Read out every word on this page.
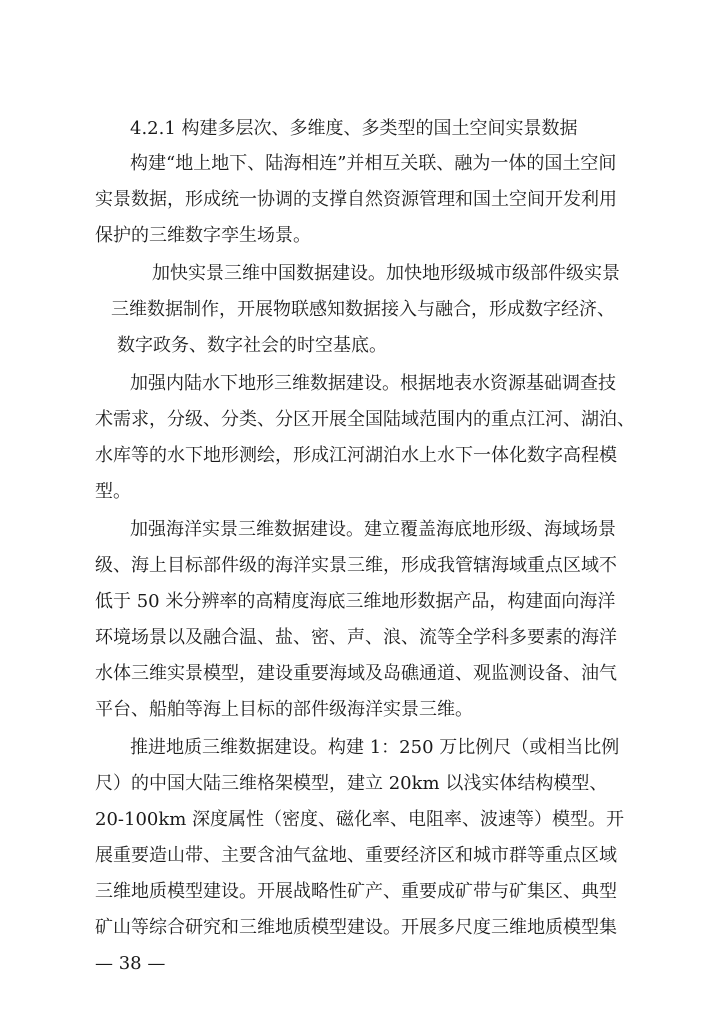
4.2.1 构建多层次、多维度、多类型的国土空间实景数据
构建“地上地下、陆海相连”并相互关联、融为一体的国土空间
实景数据，形成统一协调的支撑自然资源管理和国土空间开发利用
保护的三维数字孪生场景。
加快实景三维中国数据建设。加快地形级城市级部件级实景
三维数据制作，开展物联感知数据接入与融合，形成数字经济、
数字政务、数字社会的时空基底。
加强内陆水下地形三维数据建设。根据地表水资源基础调查技
术需求，分级、分类、分区开展全国陆域范围内的重点江河、湖泊、
水库等的水下地形测绘，形成江河湖泊水上水下一体化数字高程模
型。
加强海洋实景三维数据建设。建立覆盖海底地形级、海域场景
级、海上目标部件级的海洋实景三维，形成我管辖海域重点区域不
低于 50 米分辨率的高精度海底三维地形数据产品，构建面向海洋
环境场景以及融合温、盐、密、声、浪、流等全学科多要素的海洋
水体三维实景模型，建设重要海域及岛礁通道、观监测设备、油气
平台、船舶等海上目标的部件级海洋实景三维。
推进地质三维数据建设。构建 1：250 万比例尺（或相当比例
尺）的中国大陆三维格架模型，建立 20km 以浅实体结构模型、
20-100km 深度属性（密度、磁化率、电阻率、波速等）模型。开
展重要造山带、主要含油气盆地、重要经济区和城市群等重点区域
三维地质模型建设。开展战略性矿产、重要成矿带与矿集区、典型
矿山等综合研究和三维地质模型建设。开展多尺度三维地质模型集
— 38 —
